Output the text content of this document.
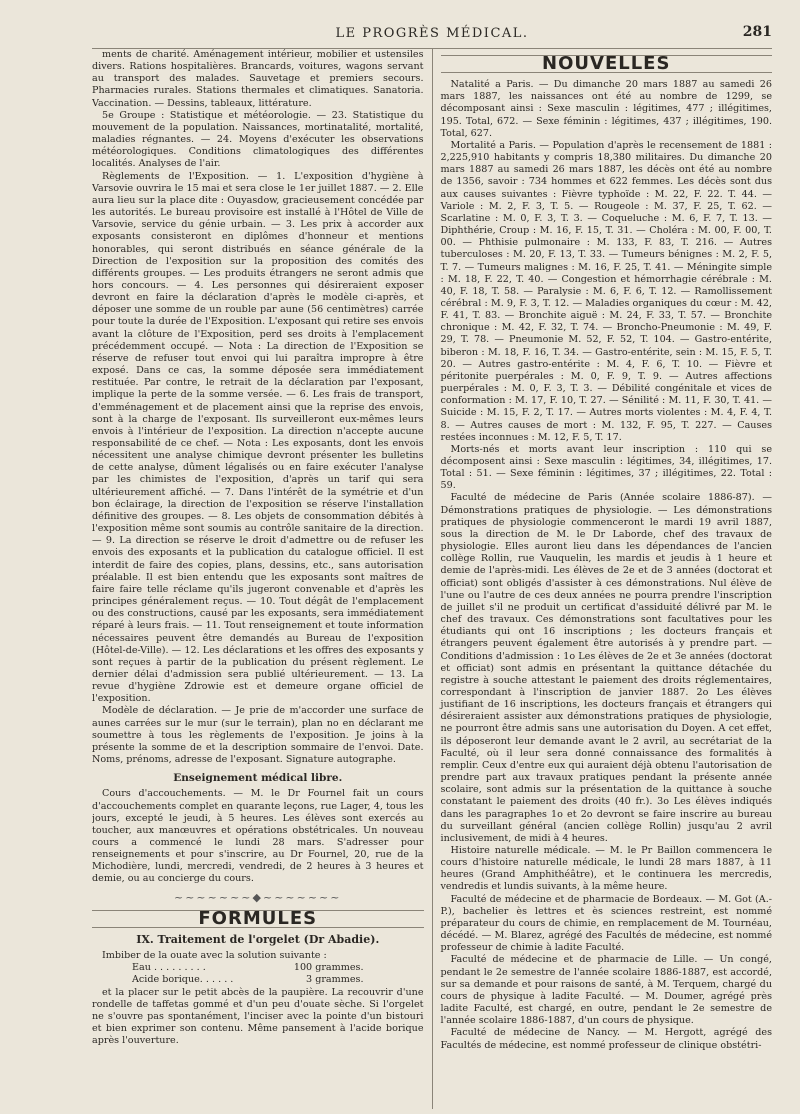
LE PROGRÈS MÉDICAL.	281

ments de charité. Aménagement intérieur, mobilier et ustensiles divers. Rations hospitalières. Brancards, voitures, wagons servant au transport des malades. Sauvetage et premiers secours. Pharmacies rurales. Stations thermales et climatiques. Sanatoria. Vaccination. — Dessins, tableaux, littérature.

5e Groupe : Statistique et météorologie. — 23. Statistique du mouvement de la population. Naissances, mortinatalité, mortalité, maladies régnantes. — 24. Moyens d'exécuter les observations météorologiques. Conditions climatologiques des différentes localités. Analyses de l'air.

Règlements de l'Exposition. — 1. L'exposition d'hygiène à Varsovie ouvrira le 15 mai et sera close le 1er juillet 1887. — 2. Elle aura lieu sur la place dite : Ouyasdow, gracieusement concédée par les autorités. Le bureau provisoire est installé à l'Hôtel de Ville de Varsovie, service du génie urbain. — 3. Les prix à accorder aux exposants consisteront en diplômes d'honneur et mentions honorables, qui seront distribués en séance générale de la Direction de l'exposition sur la proposition des comités des différents groupes. — Les produits étrangers ne seront admis que hors concours. — 4. Les personnes qui désireraient exposer devront en faire la déclaration d'après le modèle ci-après, et déposer une somme de un rouble par aune (56 centimètres) carrée pour toute la durée de l'Exposition. L'exposant qui retire ses envois avant la clôture de l'Exposition, perd ses droits à l'emplacement précédemment occupé. — Nota : La direction de l'Exposition se réserve de refuser tout envoi qui lui paraîtra impropre à être exposé. Dans ce cas, la somme déposée sera immédiatement restituée. Par contre, le retrait de la déclaration par l'exposant, implique la perte de la somme versée. — 6. Les frais de transport, d'emménagement et de placement ainsi que la reprise des envois, sont à la charge de l'exposant. Ils surveilleront eux-mêmes leurs envois à l'intérieur de l'exposition. La direction n'accepte aucune responsabilité de ce chef. — Nota : Les exposants, dont les envois nécessitent une analyse chimique devront présenter les bulletins de cette analyse, dûment légalisés ou en faire exécuter l'analyse par les chimistes de l'exposition, d'après un tarif qui sera ultérieurement affiché. — 7. Dans l'intérêt de la symétrie et d'un bon éclairage, la direction de l'exposition se réserve l'installation définitive des groupes. — 8. Les objets de consommation débités à l'exposition même sont soumis au contrôle sanitaire de la direction. — 9. La direction se réserve le droit d'admettre ou de refuser les envois des exposants et la publication du catalogue officiel. Il est interdit de faire des copies, plans, dessins, etc., sans autorisation préalable. Il est bien entendu que les exposants sont maîtres de faire faire telle réclame qu'ils jugeront convenable et d'après les principes généralement reçus. — 10. Tout dégât de l'emplacement ou des constructions, causé par les exposants, sera immédiatement réparé à leurs frais. — 11. Tout renseignement et toute information nécessaires peuvent être demandés au Bureau de l'exposition (Hôtel-de-Ville). — 12. Les déclarations et les offres des exposants y sont reçues à partir de la publication du présent règlement. Le dernier délai d'admission sera publié ultérieurement. — 13. La revue d'hygiène Zdrowie est et demeure organe officiel de l'exposition.

Modèle de déclaration. — Je prie de m'accorder une surface de aunes carrées sur le mur (sur le terrain), plan no en déclarant me soumettre à tous les règlements de l'exposition. Je joins à la présente la somme de et la description sommaire de l'envoi. Date. Noms, prénoms, adresse de l'exposant. Signature autographe.

Enseignement médical libre.

Cours d'accouchements. — M. le Dr Fournel fait un cours d'accouchements complet en quarante leçons, rue Lager, 4, tous les jours, excepté le jeudi, à 5 heures. Les élèves sont exercés au toucher, aux manœuvres et opérations obstétricales. Un nouveau cours a commencé le lundi 28 mars. S'adresser pour renseignements et pour s'inscrire, au Dr Fournel, 20, rue de la Michodière, lundi, mercredi, vendredi, de 2 heures à 3 heures et demie, ou au concierge du cours.

~~~~~~~◆~~~~~~~
FORMULES
IX. Traitement de l'orgelet (Dr Abadie).

Imbiber de la ouate avec la solution suivante :

Eau . . . . . . . . .	100 grammes.
Acide borique. . . . . .	3 grammes.

et la placer sur le petit abcès de la paupière. La recouvrir d'une rondelle de taffetas gommé et d'un peu d'ouate sèche. Si l'orgelet ne s'ouvre pas spontanément, l'inciser avec la pointe d'un bistouri et bien exprimer son contenu. Même pansement à l'acide borique après l'ouverture.

NOUVELLES

Natalité a Paris. — Du dimanche 20 mars 1887 au samedi 26 mars 1887, les naissances ont été au nombre de 1299, se décomposant ainsi : Sexe masculin : légitimes, 477 ; illégitimes, 195. Total, 672. — Sexe féminin : légitimes, 437 ; illégitimes, 190. Total, 627.

Mortalité a Paris. — Population d'après le recensement de 1881 : 2,225,910 habitants y compris 18,380 militaires. Du dimanche 20 mars 1887 au samedi 26 mars 1887, les décès ont été au nombre de 1356, savoir : 734 hommes et 622 femmes. Les décès sont dus aux causes suivantes : Fièvre typhoïde : M. 22, F. 22. T. 44. — Variole : M. 2, F. 3, T. 5. — Rougeole : M. 37, F. 25, T. 62. — Scarlatine : M. 0, F. 3, T. 3. — Coqueluche : M. 6, F. 7, T. 13. — Diphthérie, Croup : M. 16, F. 15, T. 31. — Choléra : M. 00, F. 00, T. 00. — Phthisie pulmonaire : M. 133, F. 83, T. 216. — Autres tuberculoses : M. 20, F. 13, T. 33. — Tumeurs bénignes : M. 2, F. 5, T. 7. — Tumeurs malignes : M. 16, F. 25, T. 41. — Méningite simple : M. 18, F. 22, T. 40. — Congestion et hémorrhagie cérébrale : M. 40, F. 18, T. 58. — Paralysie : M. 6, F. 6, T. 12. — Ramollissement cérébral : M. 9, F. 3, T. 12. — Maladies organiques du cœur : M. 42, F. 41, T. 83. — Bronchite aiguë : M. 24, F. 33, T. 57. — Bronchite chronique : M. 42, F. 32, T. 74. — Broncho-Pneumonie : M. 49, F. 29, T. 78. — Pneumonie M. 52, F. 52, T. 104. — Gastro-entérite, biberon : M. 18, F. 16, T. 34. — Gastro-entérite, sein : M. 15, F. 5, T. 20. — Autres gastro-entérite : M. 4, F. 6, T. 10. — Fièvre et péritonite puerpérales : M. 0, F. 9, T. 9. — Autres affections puerpérales : M. 0, F. 3, T. 3. — Débilité congénitale et vices de conformation : M. 17, F. 10, T. 27. — Sénilité : M. 11, F. 30, T. 41. — Suicide : M. 15, F. 2, T. 17. — Autres morts violentes : M. 4, F. 4, T. 8. — Autres causes de mort : M. 132, F. 95, T. 227. — Causes restées inconnues : M. 12, F. 5, T. 17.

Morts-nés et morts avant leur inscription : 110 qui se décomposent ainsi : Sexe masculin : légitimes, 34, illégitimes, 17. Total : 51. — Sexe féminin : légitimes, 37 ; illégitimes, 22. Total : 59.

Faculté de médecine de Paris (Année scolaire 1886-87). — Démonstrations pratiques de physiologie. — Les démonstrations pratiques de physiologie commenceront le mardi 19 avril 1887, sous la direction de M. le Dr Laborde, chef des travaux de physiologie. Elles auront lieu dans les dépendances de l'ancien collège Rollin, rue Vauquelin, les mardis et jeudis à 1 heure et demie de l'après-midi. Les élèves de 2e et de 3 années (doctorat et officiat) sont obligés d'assister à ces démonstrations. Nul élève de l'une ou l'autre de ces deux années ne pourra prendre l'inscription de juillet s'il ne produit un certificat d'assiduité délivré par M. le chef des travaux. Ces démonstrations sont facultatives pour les étudiants qui ont 16 inscriptions ; les docteurs français et étrangers peuvent également être autorisés à y prendre part. — Conditions d'admission : 1o Les élèves de 2e et 3e années (doctorat et officiat) sont admis en présentant la quittance détachée du registre à souche attestant le paiement des droits réglementaires, correspondant à l'inscription de janvier 1887. 2o Les élèves justifiant de 16 inscriptions, les docteurs français et étrangers qui désireraient assister aux démonstrations pratiques de physiologie, ne pourront être admis sans une autorisation du Doyen. A cet effet, ils déposeront leur demande avant le 2 avril, au secrétariat de la Faculté, où il leur sera donné connaissance des formalités à remplir. Ceux d'entre eux qui auraient déjà obtenu l'autorisation de prendre part aux travaux pratiques pendant la présente année scolaire, sont admis sur la présentation de la quittance à souche constatant le paiement des droits (40 fr.). 3o Les élèves indiqués dans les paragraphes 1o et 2o devront se faire inscrire au bureau du surveillant général (ancien collège Rollin) jusqu'au 2 avril inclusivement, de midi à 4 heures.

Histoire naturelle médicale. — M. le Pr Baillon commencera le cours d'histoire naturelle médicale, le lundi 28 mars 1887, à 11 heures (Grand Amphithéâtre), et le continuera les mercredis, vendredis et lundis suivants, à la même heure.

Faculté de médecine et de pharmacie de Bordeaux. — M. Got (A.-P.), bachelier ès lettres et ès sciences restreint, est nommé préparateur du cours de chimie, en remplacement de M. Tournéau, décédé. — M. Blarez, agrégé des Facultés de médecine, est nommé professeur de chimie à ladite Faculté.

Faculté de médecine et de pharmacie de Lille. — Un congé, pendant le 2e semestre de l'année scolaire 1886-1887, est accordé, sur sa demande et pour raisons de santé, à M. Terquem, chargé du cours de physique à ladite Faculté. — M. Doumer, agrégé près ladite Faculté, est chargé, en outre, pendant le 2e semestre de l'année scolaire 1886-1887, d'un cours de physique.

Faculté de médecine de Nancy. — M. Hergott, agrégé des Facultés de médecine, est nommé professeur de clinique obstétri-
